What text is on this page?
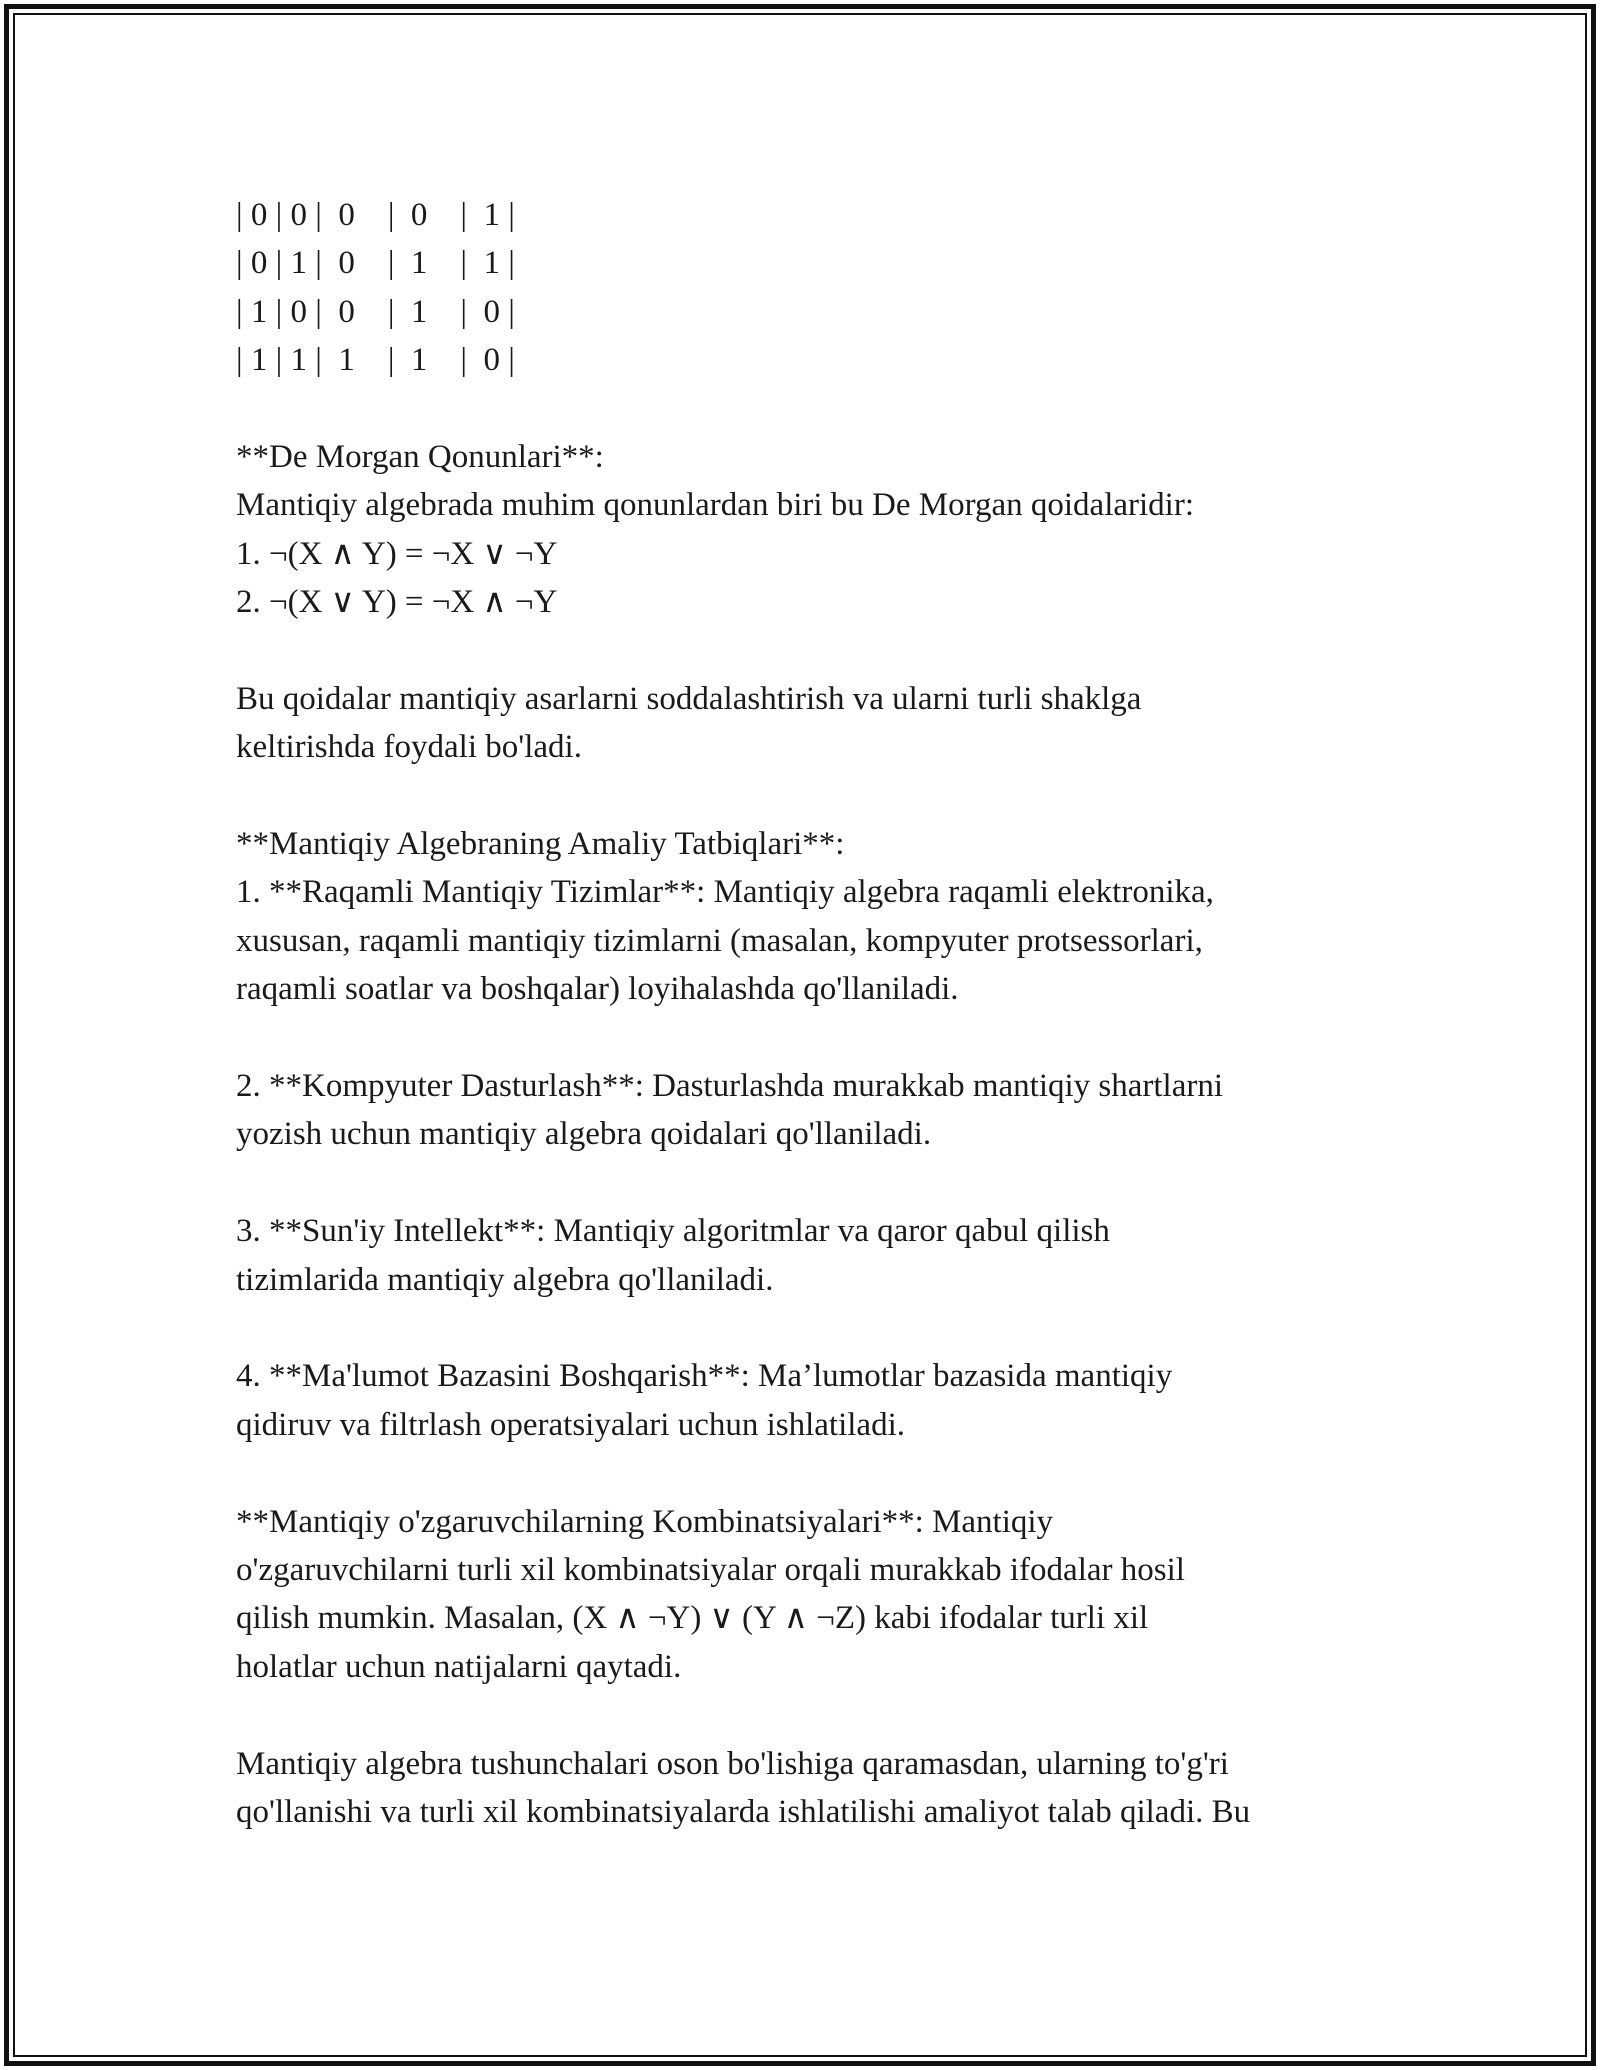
| 0 | 0 |  0    |  0    |  1 |
| 0 | 1 |  0    |  1    |  1 |
| 1 | 0 |  0    |  1    |  0 |
| 1 | 1 |  1    |  1    |  0 |
**De Morgan Qonunlari**:
Mantiqiy algebrada muhim qonunlardan biri bu De Morgan qoidalaridir:
1. ¬(X ∧ Y) = ¬X ∨ ¬Y
2. ¬(X ∨ Y) = ¬X ∧ ¬Y
Bu qoidalar mantiqiy asarlarni soddalashtirish va ularni turli shaklga
keltirishda foydali bo'ladi.
**Mantiqiy Algebraning Amaliy Tatbiqlari**:
1. **Raqamli Mantiqiy Tizimlar**: Mantiqiy algebra raqamli elektronika,
xususan, raqamli mantiqiy tizimlarni (masalan, kompyuter protsessorlari,
raqamli soatlar va boshqalar) loyihalashda qo'llaniladi.
2. **Kompyuter Dasturlash**: Dasturlashda murakkab mantiqiy shartlarni
yozish uchun mantiqiy algebra qoidalari qo'llaniladi.
3. **Sun'iy Intellekt**: Mantiqiy algoritmlar va qaror qabul qilish
tizimlarida mantiqiy algebra qo'llaniladi.
4. **Ma'lumot Bazasini Boshqarish**: Ma’lumotlar bazasida mantiqiy
qidiruv va filtrlash operatsiyalari uchun ishlatiladi.
**Mantiqiy o'zgaruvchilarning Kombinatsiyalari**: Mantiqiy
o'zgaruvchilarni turli xil kombinatsiyalar orqali murakkab ifodalar hosil
qilish mumkin. Masalan, (X ∧ ¬Y) ∨ (Y ∧ ¬Z) kabi ifodalar turli xil
holatlar uchun natijalarni qaytadi.
Mantiqiy algebra tushunchalari oson bo'lishiga qaramasdan, ularning to'g'ri
qo'llanishi va turli xil kombinatsiyalarda ishlatilishi amaliyot talab qiladi. Bu
